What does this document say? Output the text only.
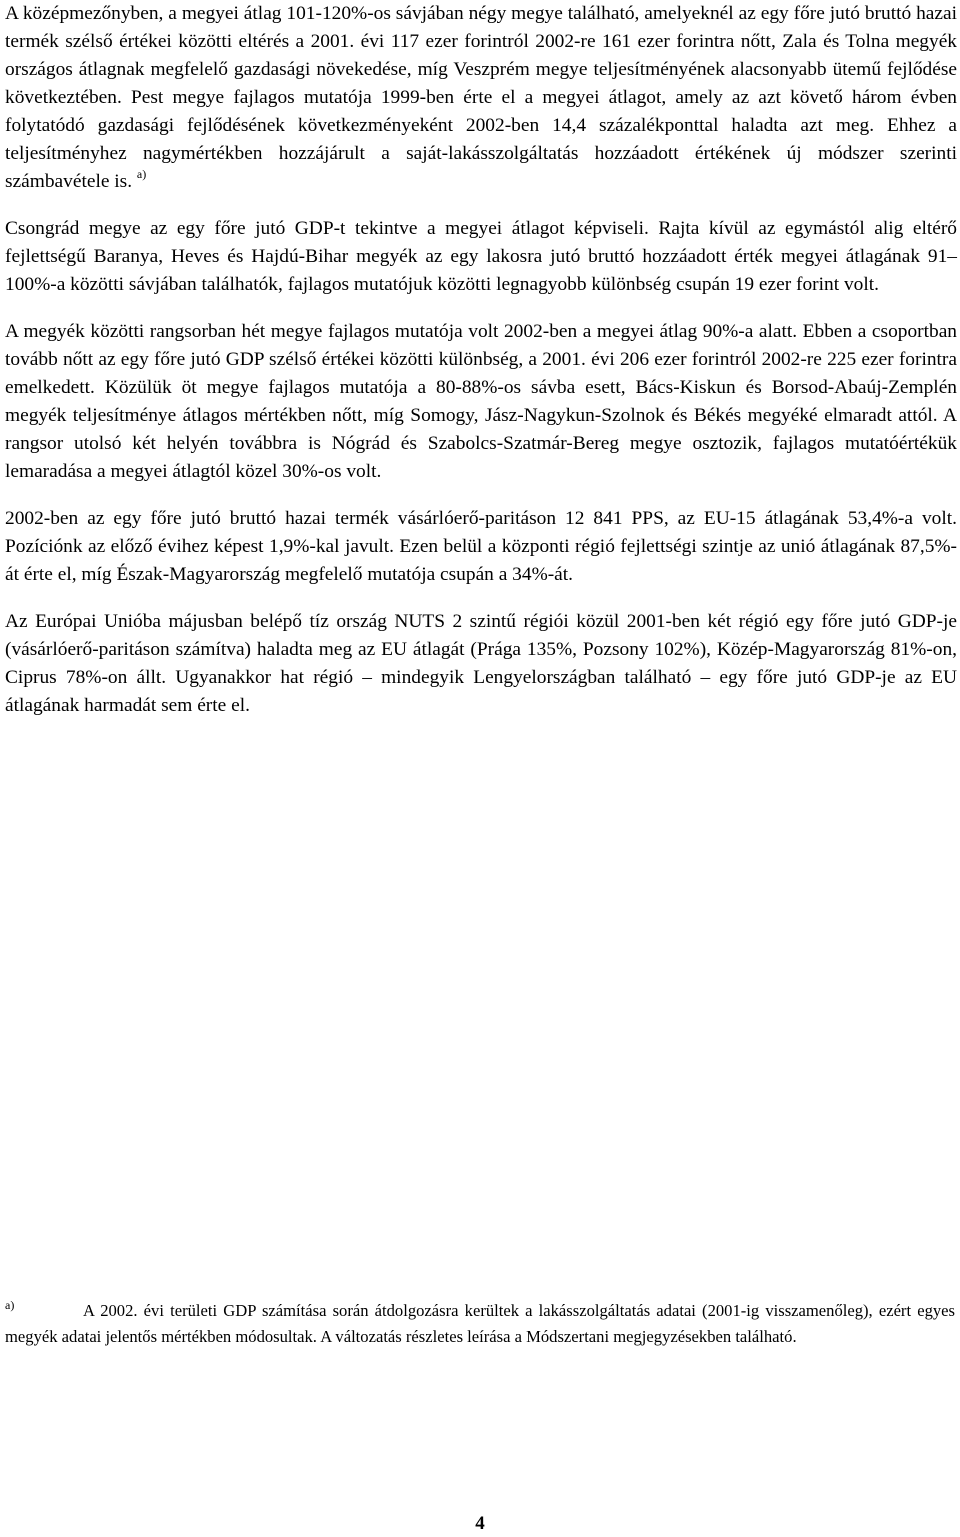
A középmezőnyben, a megyei átlag 101-120%-os sávjában négy megye található, amelyeknél az egy főre jutó bruttó hazai termék szélső értékei közötti eltérés a 2001. évi 117 ezer forintról 2002-re 161 ezer forintra nőtt, Zala és Tolna megyék országos átlagnak megfelelő gazdasági növekedése, míg Veszprém megye teljesítményének alacsonyabb ütemű fejlődése következtében. Pest megye fajlagos mutatója 1999-ben érte el a megyei átlagot, amely az azt követő három évben folytatódó gazdasági fejlődésének következményeként 2002-ben 14,4 százalékponttal haladta azt meg. Ehhez a teljesítményhez nagymértékben hozzájárult a saját-lakásszolgáltatás hozzáadott értékének új módszer szerinti számbavétele is. $^{a)}$

Csongrád megye az egy főre jutó GDP-t tekintve a megyei átlagot képviseli. Rajta kívül az egymástól alig eltérő fejlettségű Baranya, Heves és Hajdú-Bihar megyék az egy lakosra jutó bruttó hozzáadott érték megyei átlagának 91–100%-a közötti sávjában találhatók, fajlagos mutatójuk közötti legnagyobb különbség csupán 19 ezer forint volt.

A megyék közötti rangsorban hét megye fajlagos mutatója volt 2002-ben a megyei átlag 90%-a alatt. Ebben a csoportban tovább nőtt az egy főre jutó GDP szélső értékei közötti különbség, a 2001. évi 206 ezer forintról 2002-re 225 ezer forintra emelkedett. Közülük öt megye fajlagos mutatója a 80-88%-os sávba esett, Bács-Kiskun és Borsod-Abaúj-Zemplén megyék teljesítménye átlagos mértékben nőtt, míg Somogy, Jász-Nagykun-Szolnok és Békés megyéké elmaradt attól. A rangsor utolsó két helyén továbbra is Nógrád és Szabolcs-Szatmár-Bereg megye osztozik, fajlagos mutatóértékük lemaradása a megyei átlagtól közel 30%-os volt.

2002-ben az egy főre jutó bruttó hazai termék vásárlóerő-paritáson 12 841 PPS, az EU-15 átlagának 53,4%-a volt. Pozíciónk az előző évihez képest 1,9%-kal javult. Ezen belül a központi régió fejlettségi szintje az unió átlagának 87,5%-át érte el, míg Észak-Magyarország megfelelő mutatója csupán a 34%-át.

Az Európai Unióba májusban belépő tíz ország NUTS 2 szintű régiói közül 2001-ben két régió egy főre jutó GDP-je (vásárlóerő-paritáson számítva) haladta meg az EU átlagát (Prága 135%, Pozsony 102%), Közép-Magyarország 81%-on, Ciprus 78%-on állt. Ugyanakkor hat régió – mindegyik Lengyelországban található – egy főre jutó GDP-je az EU átlagának harmadát sem érte el.

a)	A 2002. évi területi GDP számítása során átdolgozásra kerültek a lakásszolgáltatás adatai (2001-ig visszamenőleg), ezért egyes megyék adatai jelentős mértékben módosultak. A változatás részletes leírása a Módszertani megjegyzésekben található.
4
